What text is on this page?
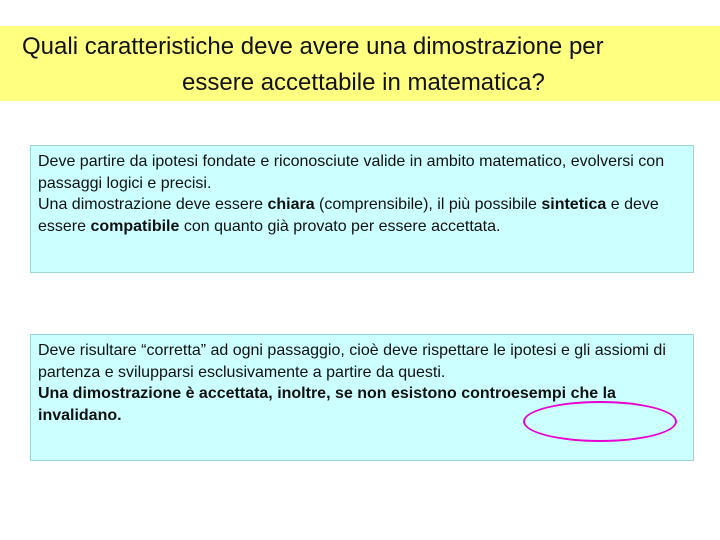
Quali caratteristiche deve avere una dimostrazione per
essere accettabile in matematica?

Deve partire da ipotesi fondate e riconosciute valide in ambito matematico, evolversi con passaggi logici e precisi.

Una dimostrazione deve essere chiara (comprensibile), il più possibile sintetica e deve essere compatibile con quanto già provato per essere accettata.

Deve risultare “corretta” ad ogni passaggio, cioè deve rispettare le ipotesi e gli assiomi di partenza e svilupparsi esclusivamente a partire da questi.

Una dimostrazione è accettata, inoltre, se non esistono controesempi che la invalidano.
